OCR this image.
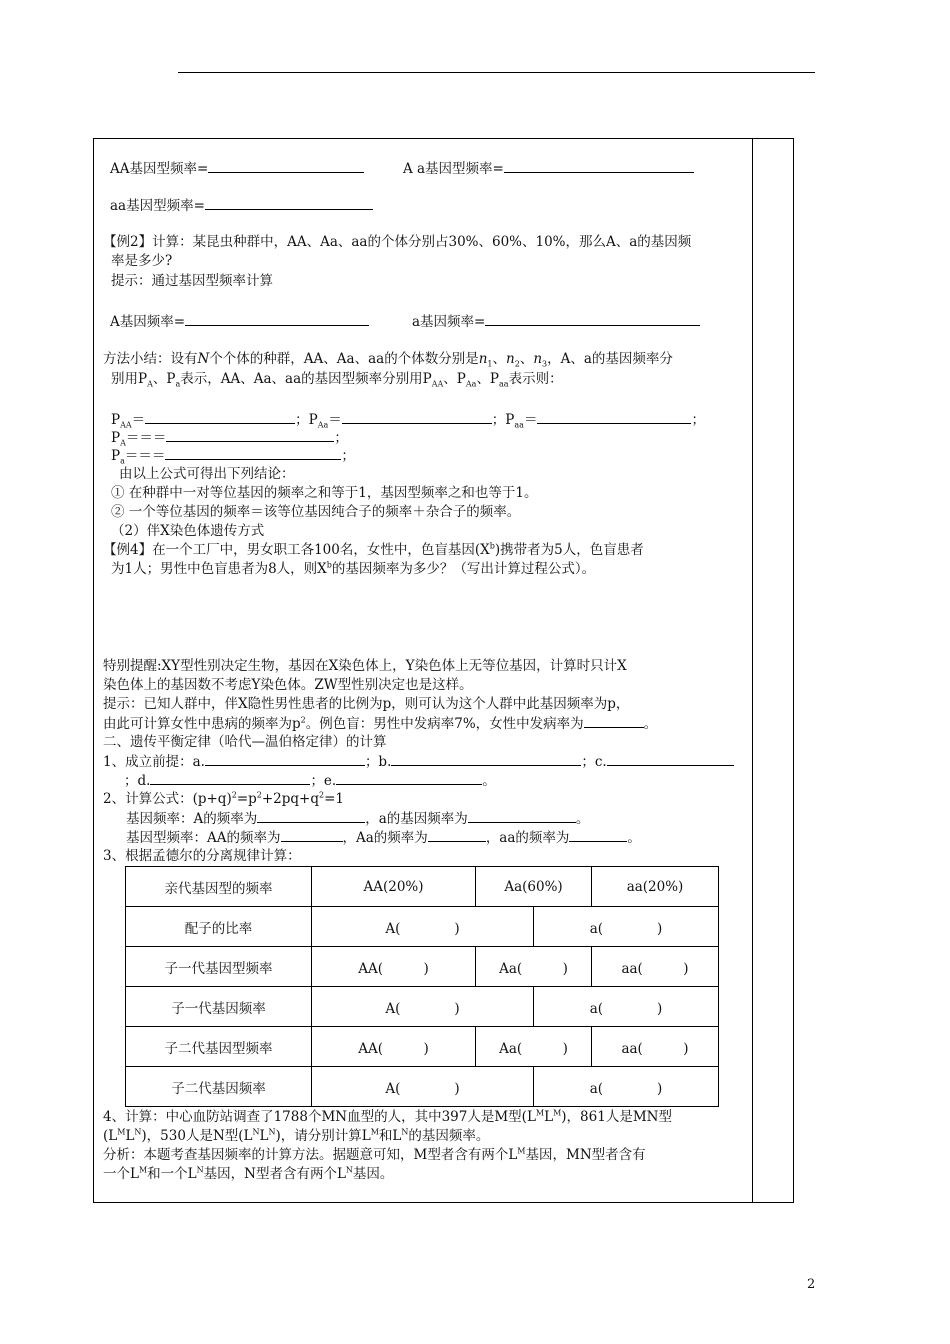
AA基因型频率=	A a基因型频率=
aa基因型频率=
【例2】计算：某昆虫种群中，AA、Aa、aa的个体分别占30%、60%、10%，那么A、a的基因频
率是多少?
提示：通过基因型频率计算
A基因频率=	a基因频率=
方法小结：设有N个个体的种群，AA、Aa、aa的个体数分别是$n_1$、$n_2$、$n_3$，A、a的基因频率分
别用$P_A$、$P_a$表示，AA、Aa、aa的基因型频率分别用$P_{AA}$、$P_{Aa}$、$P_{aa}$表示则：
$P_{AA}=$	；$P_{Aa}=$	；$P_{aa}=$	；
$P_A===$	；
$P_a===$	；
由以上公式可得出下列结论：
① 在种群中一对等位基因的频率之和等于1，基因型频率之和也等于1。
② 一个等位基因的频率＝该等位基因纯合子的频率＋杂合子的频率。
（2）伴X染色体遗传方式
【例4】在一个工厂中，男女职工各100名，女性中，色盲基因$(X^b)$携带者为5人，色盲患者
为1人；男性中色盲患者为8人，则$X^b$的基因频率为多少？（写出计算过程公式）。
特别提醒:XY型性别决定生物，基因在X染色体上，Y染色体上无等位基因，计算时只计X
染色体上的基因数不考虑Y染色体。ZW型性别决定也是这样。
提示：已知人群中，伴X隐性男性患者的比例为p，则可认为这个人群中此基因频率为p，
由此可计算女性中患病的频率为$p^2$。例色盲：男性中发病率7%，女性中发病率为	。
二、遗传平衡定律（哈代—温伯格定律）的计算
1、成立前提：a.	；b.	；c.
；d.	；e.	。
2、计算公式：$(p+q)^2=p^2+2pq+q^2=1$
基因频率：A的频率为	，a的基因频率为	。
基因型频率：AA的频率为	，Aa的频率为	，aa的频率为	。
3、根据孟德尔的分离规律计算：
亲代基因型的频率	AA(20%)	Aa(60%)		aa(20%)
配子的比率	A(　　　　)		a(　　　　)	
子一代基因型频率	AA(　　　)	Aa(　　　)		aa(　　　)
子一代基因频率	A(　　　　)		a(　　　　)	
子二代基因型频率	AA(　　　)	Aa(　　　)		aa(　　　)
子二代基因频率	A(　　　　)		a(　　　　)	
4、计算：中心血防站调查了1788个MN血型的人，其中397人是M型$(L^ML^M)$，861人是MN型
$(L^ML^N)$，530人是N型$(L^NL^N)$，请分别计算$L^M$和$L^N$的基因频率。
分析：本题考查基因频率的计算方法。据题意可知，M型者含有两个$L^M$基因，MN型者含有
一个$L^M$和一个$L^N$基因，N型者含有两个$L^N$基因。
2
